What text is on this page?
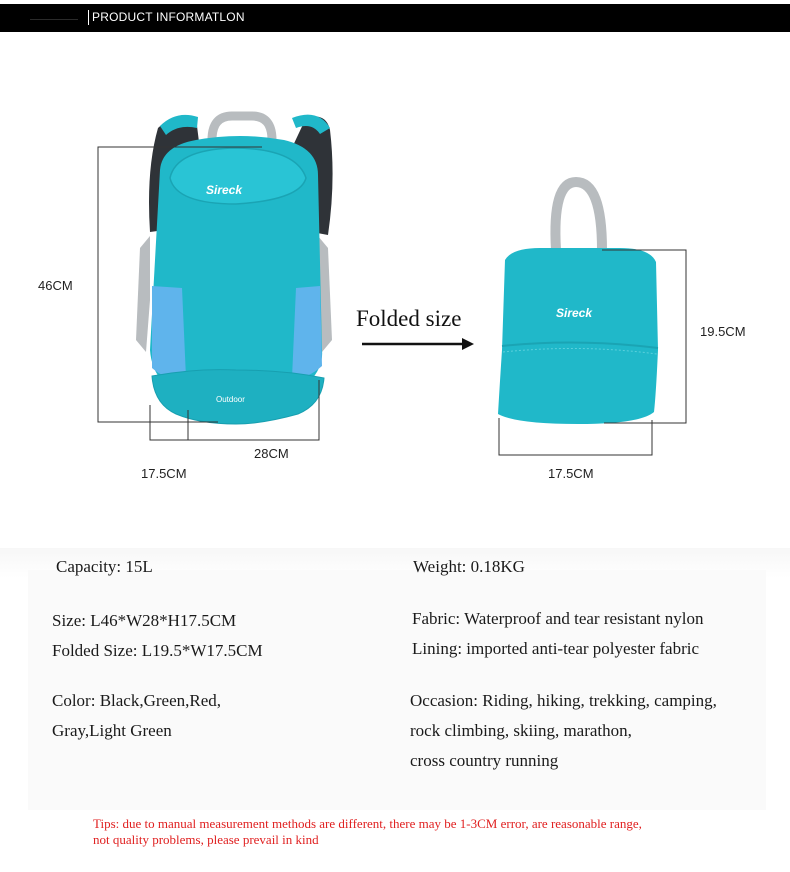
PRODUCT INFORMATLON
Sireck
Outdoor
Sireck
46CM
28CM
17.5CM
Folded size
19.5CM
17.5CM
Capacity: 15L	Weight: 0.18KG
Size: L46*W28*H17.5CM	Fabric: Waterproof and tear resistant nylon
Folded Size: L19.5*W17.5CM	Lining: imported anti-tear polyester fabric
Color: Black,Green,Red,
Gray,Light Green
Occasion: Riding, hiking, trekking, camping,
rock climbing, skiing, marathon,
cross country running
Tips: due to manual measurement methods are different, there may be 1-3CM error, are reasonable range,
not quality problems, please prevail in kind
